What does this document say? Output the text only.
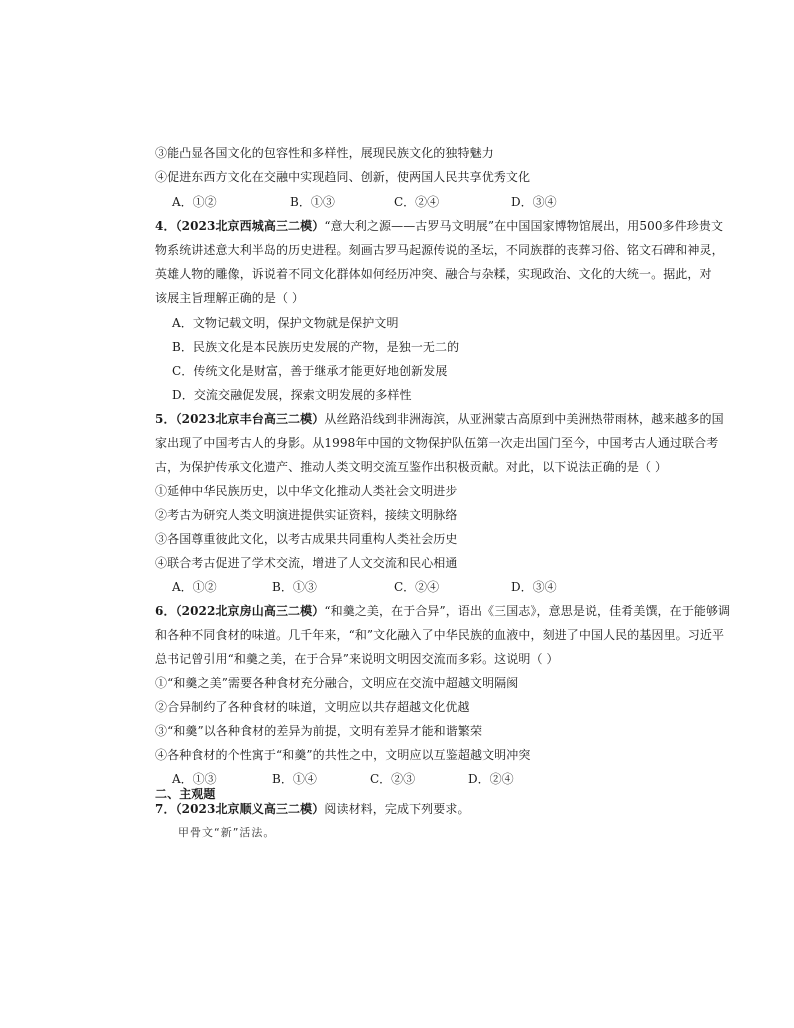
③能凸显各国文化的包容性和多样性，展现民族文化的独特魅力
④促进东西方文化在交融中实现趋同、创新，使两国人民共享优秀文化
A．①②	B．①③	C．②④	D．③④
4．（2023北京西城高三二模）“意大利之源——古罗马文明展”在中国国家博物馆展出，用500多件珍贵文
物系统讲述意大利半岛的历史进程。刻画古罗马起源传说的圣坛，不同族群的丧葬习俗、铭文石碑和神灵，
英雄人物的雕像，诉说着不同文化群体如何经历冲突、融合与杂糅，实现政治、文化的大统一。据此，对
该展主旨理解正确的是（ ）
A．文物记载文明，保护文物就是保护文明
B．民族文化是本民族历史发展的产物，是独一无二的
C．传统文化是财富，善于继承才能更好地创新发展
D．交流交融促发展，探索文明发展的多样性
5．（2023北京丰台高三二模）从丝路沿线到非洲海滨，从亚洲蒙古高原到中美洲热带雨林，越来越多的国
家出现了中国考古人的身影。从1998年中国的文物保护队伍第一次走出国门至今，中国考古人通过联合考
古，为保护传承文化遗产、推动人类文明交流互鉴作出积极贡献。对此，以下说法正确的是（ ）
①延伸中华民族历史，以中华文化推动人类社会文明进步
②考古为研究人类文明演进提供实证资料，接续文明脉络
③各国尊重彼此文化，以考古成果共同重构人类社会历史
④联合考古促进了学术交流，增进了人文交流和民心相通
A．①②	B．①③	C．②④	D．③④
6．（2022北京房山高三二模）“和羹之美，在于合异”，语出《三国志》，意思是说，佳肴美馔，在于能够调
和各种不同食材的味道。几千年来，“和”文化融入了中华民族的血液中，刻进了中国人民的基因里。习近平
总书记曾引用“和羹之美，在于合异”来说明文明因交流而多彩。这说明（ ）
①“和羹之美”需要各种食材充分融合，文明应在交流中超越文明隔阂
②合异制约了各种食材的味道，文明应以共存超越文化优越
③“和羹”以各种食材的差异为前提，文明有差异才能和谐繁荣
④各种食材的个性寓于“和羹”的共性之中，文明应以互鉴超越文明冲突
A．①③	B．①④	C．②③	D．②④
二、主观题
7．（2023北京顺义高三二模）阅读材料，完成下列要求。
甲骨文“新”活法。
